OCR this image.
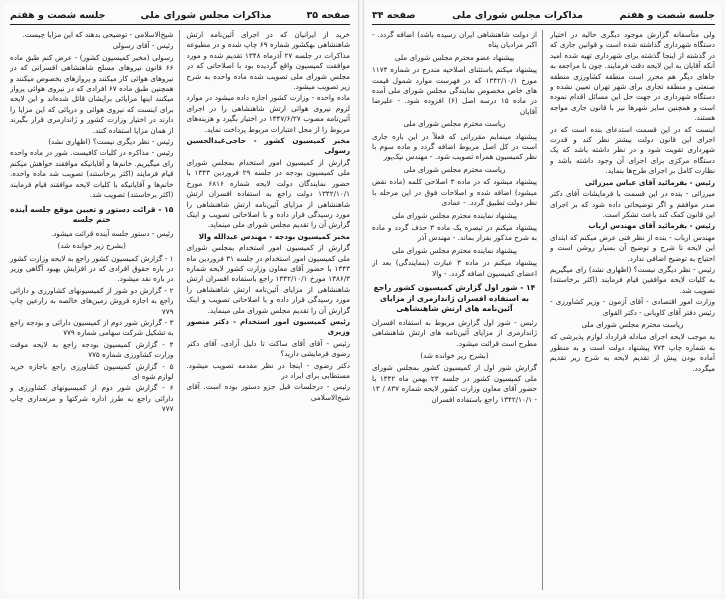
صفحه ۳۵
مذاکرات مجلس شورای ملی
جلسه شصت و هفتم

خرید از ایرانیان که در اجرای آئین‌نامه ارتش شاهنشاهی بهکشور شماره ۶۹ چاپ شده و در مطبوعه مذاکرات در جلسه ۲۷ آذرماه ۱۳۴۸ تقدیم شده و مورد موافقت کمیسیون واقع گردیده بود با اصلاحاتی که در مجلس شورای ملی تصویب شده ماده واحده به شرح زیر تصویب میشود.

ماده واحده - وزارت کشور اجازه داده میشود در موارد لزوم نیروی هوائی ارتش شاهنشاهی را در اجرای آئین‌نامه مصوب ۱۳۴۷/۶/۲۷ در اختیار بگیرد و هزینه‌های مربوط را از محل اعتبارات مربوط پرداخت نماید.

مخبر کمیسیون کشور - حاجی‌عبدالحسین رسولی

گزارش از کمیسیون امور استخدام بمجلس شورای ملی کمیسیون بودجه در جلسه ۲۹ فروردین ۱۳۴۳ با حضور نمایندگان دولت لایحه شماره ۶۸۱۶ مورخ ۱۳۴۲/۱۰/۱ دولت راجع به استفاده افسران ارتش شاهنشاهی از مزایای آئین‌نامه ارتش شاهنشاهی را مورد رسیدگی قرار داده و با اصلاحاتی تصویب و اینک گزارش آن را تقدیم مجلس شورای ملی مینماید.

مخبر کمیسیون بودجه - مهندس عبدالله والا

گزارش از کمیسیون امور استخدام بمجلس شورای ملی کمیسیون امور استخدام در جلسه ۳۱ فروردین ماه ۱۳۴۳ با حضور آقای معاون وزارت کشور لایحه شماره ۱۳۸۶/۳ مورخ ۱۳۴۲/۱۰/۱ راجع باستفاده افسران ارتش شاهنشاهی از مزایای آئین‌نامه ارتش شاهنشاهی را مورد رسیدگی قرار داده و با اصلاحاتی تصویب و اینک گزارش آن را تقدیم مجلس شورای ملی مینماید.

رئیس کمیسیون امور استخدام - دکتر منصور وزیری

رئیس - آقای آقای ساکت تا دلیل آزادی، آقای دکتر رضوی فرمایشی دارید؟

دکتر رضوی - اینجا در نظر مقدمه تصویب میشود. مستطابی برای ایراد در

رئیس - درجلسات قبل جزو دستور بوده است. آقای شیخ‌الاسلامی

شیخ‌الاسلامی - توضیحی بدهند که این مزایا چیست.

رئیس - آقای رسولی

رسولی (مخبر کمیسیون کشور) - عرض کنم طبق ماده ۶۶ قانون نیروهای مسلح شاهنشاهی افسرانی که در نیروهای هوائی کار میکنند و پروازهای بخصوص میکنند و همچنین طبق ماده ۶۷ افرادی که در نیروی هوائی پرواز میکنند اینها مزایائی برایشان قائل شده‌اند و این لایحه برای اینست که نیروی هوائی و دریائی که این مزایا را دارند در اختیار وزارت کشور و ژاندارمری قرار بگیرند از همان مزایا استفاده کنند.

رئیس - نظر دیگری نیست؟ (اظهاری نشد)

رئیس - مذاکره در کلیات کافیست. شور در ماده واحده رای میگیریم. خانم‌ها و آقایانیکه موافقند خواهش میکنم قیام فرمایند (اکثر برخاستند) تصویب شد ماده واحده. خانم‌ها و آقایانیکه با کلیات لایحه موافقند قیام فرمایند (اکثر برخاستند) تصویب شد.

۱۵ - قرائت دستور و تعیین موقع جلسه آینده ختم جلسه

رئیس - دستور جلسه آینده قرائت میشود.

(بشرح زیر خوانده شد)

۱ - گزارش کمیسیون کشور راجع به لایحه وزارت کشور در باره حقوق افرادی که در افزایش بهبود آگاهی وزیر در باره نقد میشود.

۲ - گزارش دو شور از کمیسیونهای کشاورزی و دارائی راجع به اجازه فروش زمین‌های خالصه به زارعین چاپ ۷۷۹

۳ - گزارش شور دوم از کمیسیون دارائی و بودجه راجع به تشکیل شرکت سهامی شماره ۷۷۹

۴ - گزارش کمیسیون بودجه راجع به لایحه موقت وزارت کشاورزی شماره ۷۷۵

۵ - گزارش کمیسیون کشاورزی راجع باجازه خرید لوازم شوه ای

۶ - گزارش شور دوم از کمیسیونهای کشاورزی و دارائی راجع به طرز اداره شرکتها و مرتعداری چاپ ۷۷۷

جلسه شصت و هفتم
مذاکرات مجلس شورای ملی
صفحه ۳۴

ولی متأسفانه گزارش موجود دیگری حالیه در اختیار دستگاه شهرداری گذاشته شده است و قوانین جاری که در گذشته از اینجا گذشته برای شهرداری تهیه شده امید آنکه آقایان به این لایحه دقت فرمایند. چون با مراجعه به جاهای دیگر هم محرز است منطقه کشاورزی منطقه صنعتی و منطقه تجاری برای شهر تهران تعیین نشده و دستگاه شهرداری در جهت حل این مسائل اقدام نموده است و همچنین سایر شهرها نیز با قانون جاری مواجه هستند.

اینست که در این قسمت استدعای بنده است که در اجرای این قانون دولت بیشتر نظر کند و قدرت شهرداری تقویت شود و در نظر داشته باشد که یک دستگاه مرکزی برای اجرای آن وجود داشته باشد و نظارت کامل بر اجرای طرح‌ها بنماید.

رئیس - بفرمائید آقای عباس میرزائی

میرزائی - بنده در این قسمت با فرمایشات آقای دکتر صدر موافقم و اگر توضیحاتی داده شود که بر اجرای این قانون کمک کند باعث تشکر است.

رئیس - بفرمائید آقای مهندس ارباب

مهندس ارباب - بنده از نظر فنی عرض میکنم که ابتدای این لایحه تا شرح و توضیح آن بسیار روشن است و احتیاج به توضیح اضافی ندارد.

رئیس - نظر دیگری نیست؟ (اظهاری نشد) رای میگیریم به کلیات لایحه موافقین قیام فرمایند (اکثر برخاستند) تصویب شد.

وزارت امور اقتصادی - آقای آزمون - وزیر کشاورزی - رئیس دفتر آقای کاویانی - دکتر القوای

ریاست محترم مجلس شورای ملی

به موجب لایحه اجرای مبادله قرارداد لوازم پذیرشی که به شماره چاپ ۷۷۴ پیشنهاد دولت است و به منظور آماده بودن پیش از تقدیم لایحه به شرح زیر تقدیم میگردد.

از دولت شاهنشاهی ایران رسیده باشد) اضافه گردد. - اکبر مرادیان پناه

پیشنهاد عضو محترم مجلس شورای ملی

پیشنهاد میکنم باستثنای اصلاحیه مندرج در شماره ۱۱۷۴ مورخ ۱۳۴۲/۱۰/۱ که در فهرست موارد شمول قیمت های خاص مخصوص نمایندگی مجلس شورای ملی آمده در ماده ۱۵ درسه اصل (۶) افزوده شود. - علیرضا آقایان

ریاست محترم مجلس شورای ملی

پیشنهاد مینمایم مقرراتی که فعلاً در این باره جاری است در کل اصل مربوط اضافه گردد و ماده سوم با نظر کمیسیون همراه تصویب شود. - مهندس نیک‌پور

ریاست محترم مجلس شورای ملی

پیشنهاد میشود که در ماده ۳ اصلاحی کلمه (ماده نقض میشود) اضافه شده و اصلاحات فوق در این مرحله با نظر دولت تطبیق گردد. - عمادی

پیشنهاد نماینده محترم مجلس شورای ملی

پیشنهاد میکنم در تبصره یک ماده ۳ حذف گردد و ماده به شرح مذکور بقرار بماند. - مهندس آذر

پیشنهاد نماینده محترم مجلس شورای ملی

پیشنهاد میکنم در ماده ۳ عبارت (بنمایندگی) بعد از اعضای کمیسیون اضافه گردد. - والا

۱۴ - شور اول گزارش کمیسیون کشور راجع به استفاده افسران ژاندارمری از مزایای آئین‌نامه های ارتش شاهنشاهی

رئیس - شور اول گزارش مربوط به استفاده افسران ژاندارمری از مزایای آئین‌نامه های ارتش شاهنشاهی مطرح است قرائت میشود.

(بشرح زیر خوانده شد)

گزارش شور اول از کمیسیون کشور بمجلس شورای ملی کمیسیون کشور در جلسه ۲۳ بهمن ماه ۱۳۴۲ با حضور آقای معاون وزارت کشور لایحه شماره ۸۳۷ / ۱۳ - ۱۳۴۲/۱۰/۱ راجع باستفاده افسران
